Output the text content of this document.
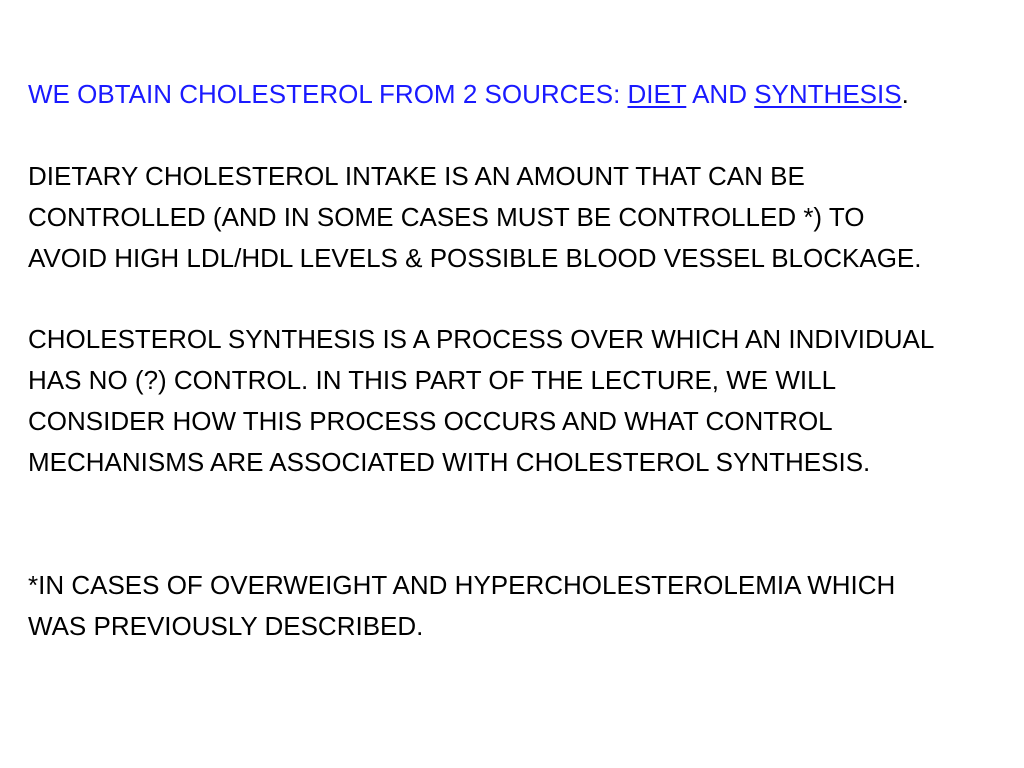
WE OBTAIN CHOLESTEROL FROM 2 SOURCES: DIET AND SYNTHESIS.

DIETARY CHOLESTEROL INTAKE IS AN AMOUNT THAT CAN BE
CONTROLLED (AND IN SOME CASES MUST BE CONTROLLED *) TO
AVOID HIGH LDL/HDL LEVELS & POSSIBLE BLOOD VESSEL BLOCKAGE.

CHOLESTEROL SYNTHESIS IS A PROCESS OVER WHICH AN INDIVIDUAL
HAS NO (?) CONTROL. IN THIS PART OF THE LECTURE, WE WILL
CONSIDER HOW THIS PROCESS OCCURS AND WHAT CONTROL
MECHANISMS ARE ASSOCIATED WITH CHOLESTEROL SYNTHESIS.

*IN CASES OF OVERWEIGHT AND HYPERCHOLESTEROLEMIA WHICH
WAS PREVIOUSLY DESCRIBED.
